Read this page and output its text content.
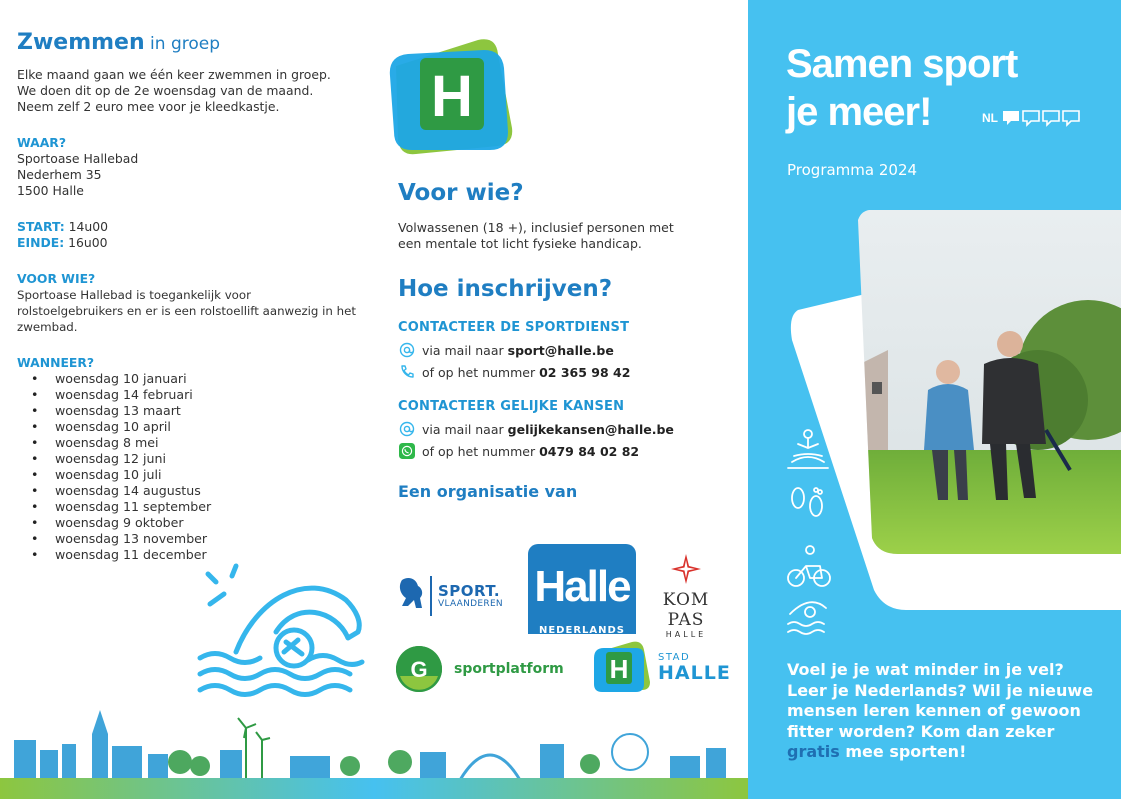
Zwemmen in groep
Elke maand gaan we één keer zwemmen in groep.
We doen dit op de 2e woensdag van de maand.
Neem zelf 2 euro mee voor je kleedkastje.
WAAR?
Sportoase Hallebad
Nederhem 35
1500 Halle
START: 14u00
EINDE: 16u00
VOOR WIE?
Sportoase Hallebad is toegankelijk voor
rolstoelgebruikers en er is een rolstoellift aanwezig in het
zwembad.
WANNEER?
• woensdag 10 januari
• woensdag 14 februari
• woensdag 13 maart
• woensdag 10 april
• woensdag 8 mei
• woensdag 12 juni
• woensdag 10 juli
• woensdag 14 augustus
• woensdag 11 september
• woensdag 9 oktober
• woensdag 13 november
• woensdag 11 december
H
Voor wie?

Volwassenen (18 +), inclusief personen met
een mentale tot licht fysieke handicap.

Hoe inschrijven?
CONTACTEER DE SPORTDIENST
via mail naar sport@halle.be
of op het nummer 02 365 98 42
CONTACTEER GELIJKE KANSEN
via mail naar gelijkekansen@halle.be
of op het nummer 0479 84 02 82
Een organisatie van
SPORT.
VLAANDEREN Halle
NEDERLANDS
KOM PAS
HALLE
G sportplatform H	STAD
HALLE
Samen sport
je meer!	NL
Programma 2024
Voel je je wat minder in je vel? Leer je Nederlands? Wil je nieuwe mensen leren kennen of gewoon fitter worden? Kom dan zeker gratis mee sporten!
